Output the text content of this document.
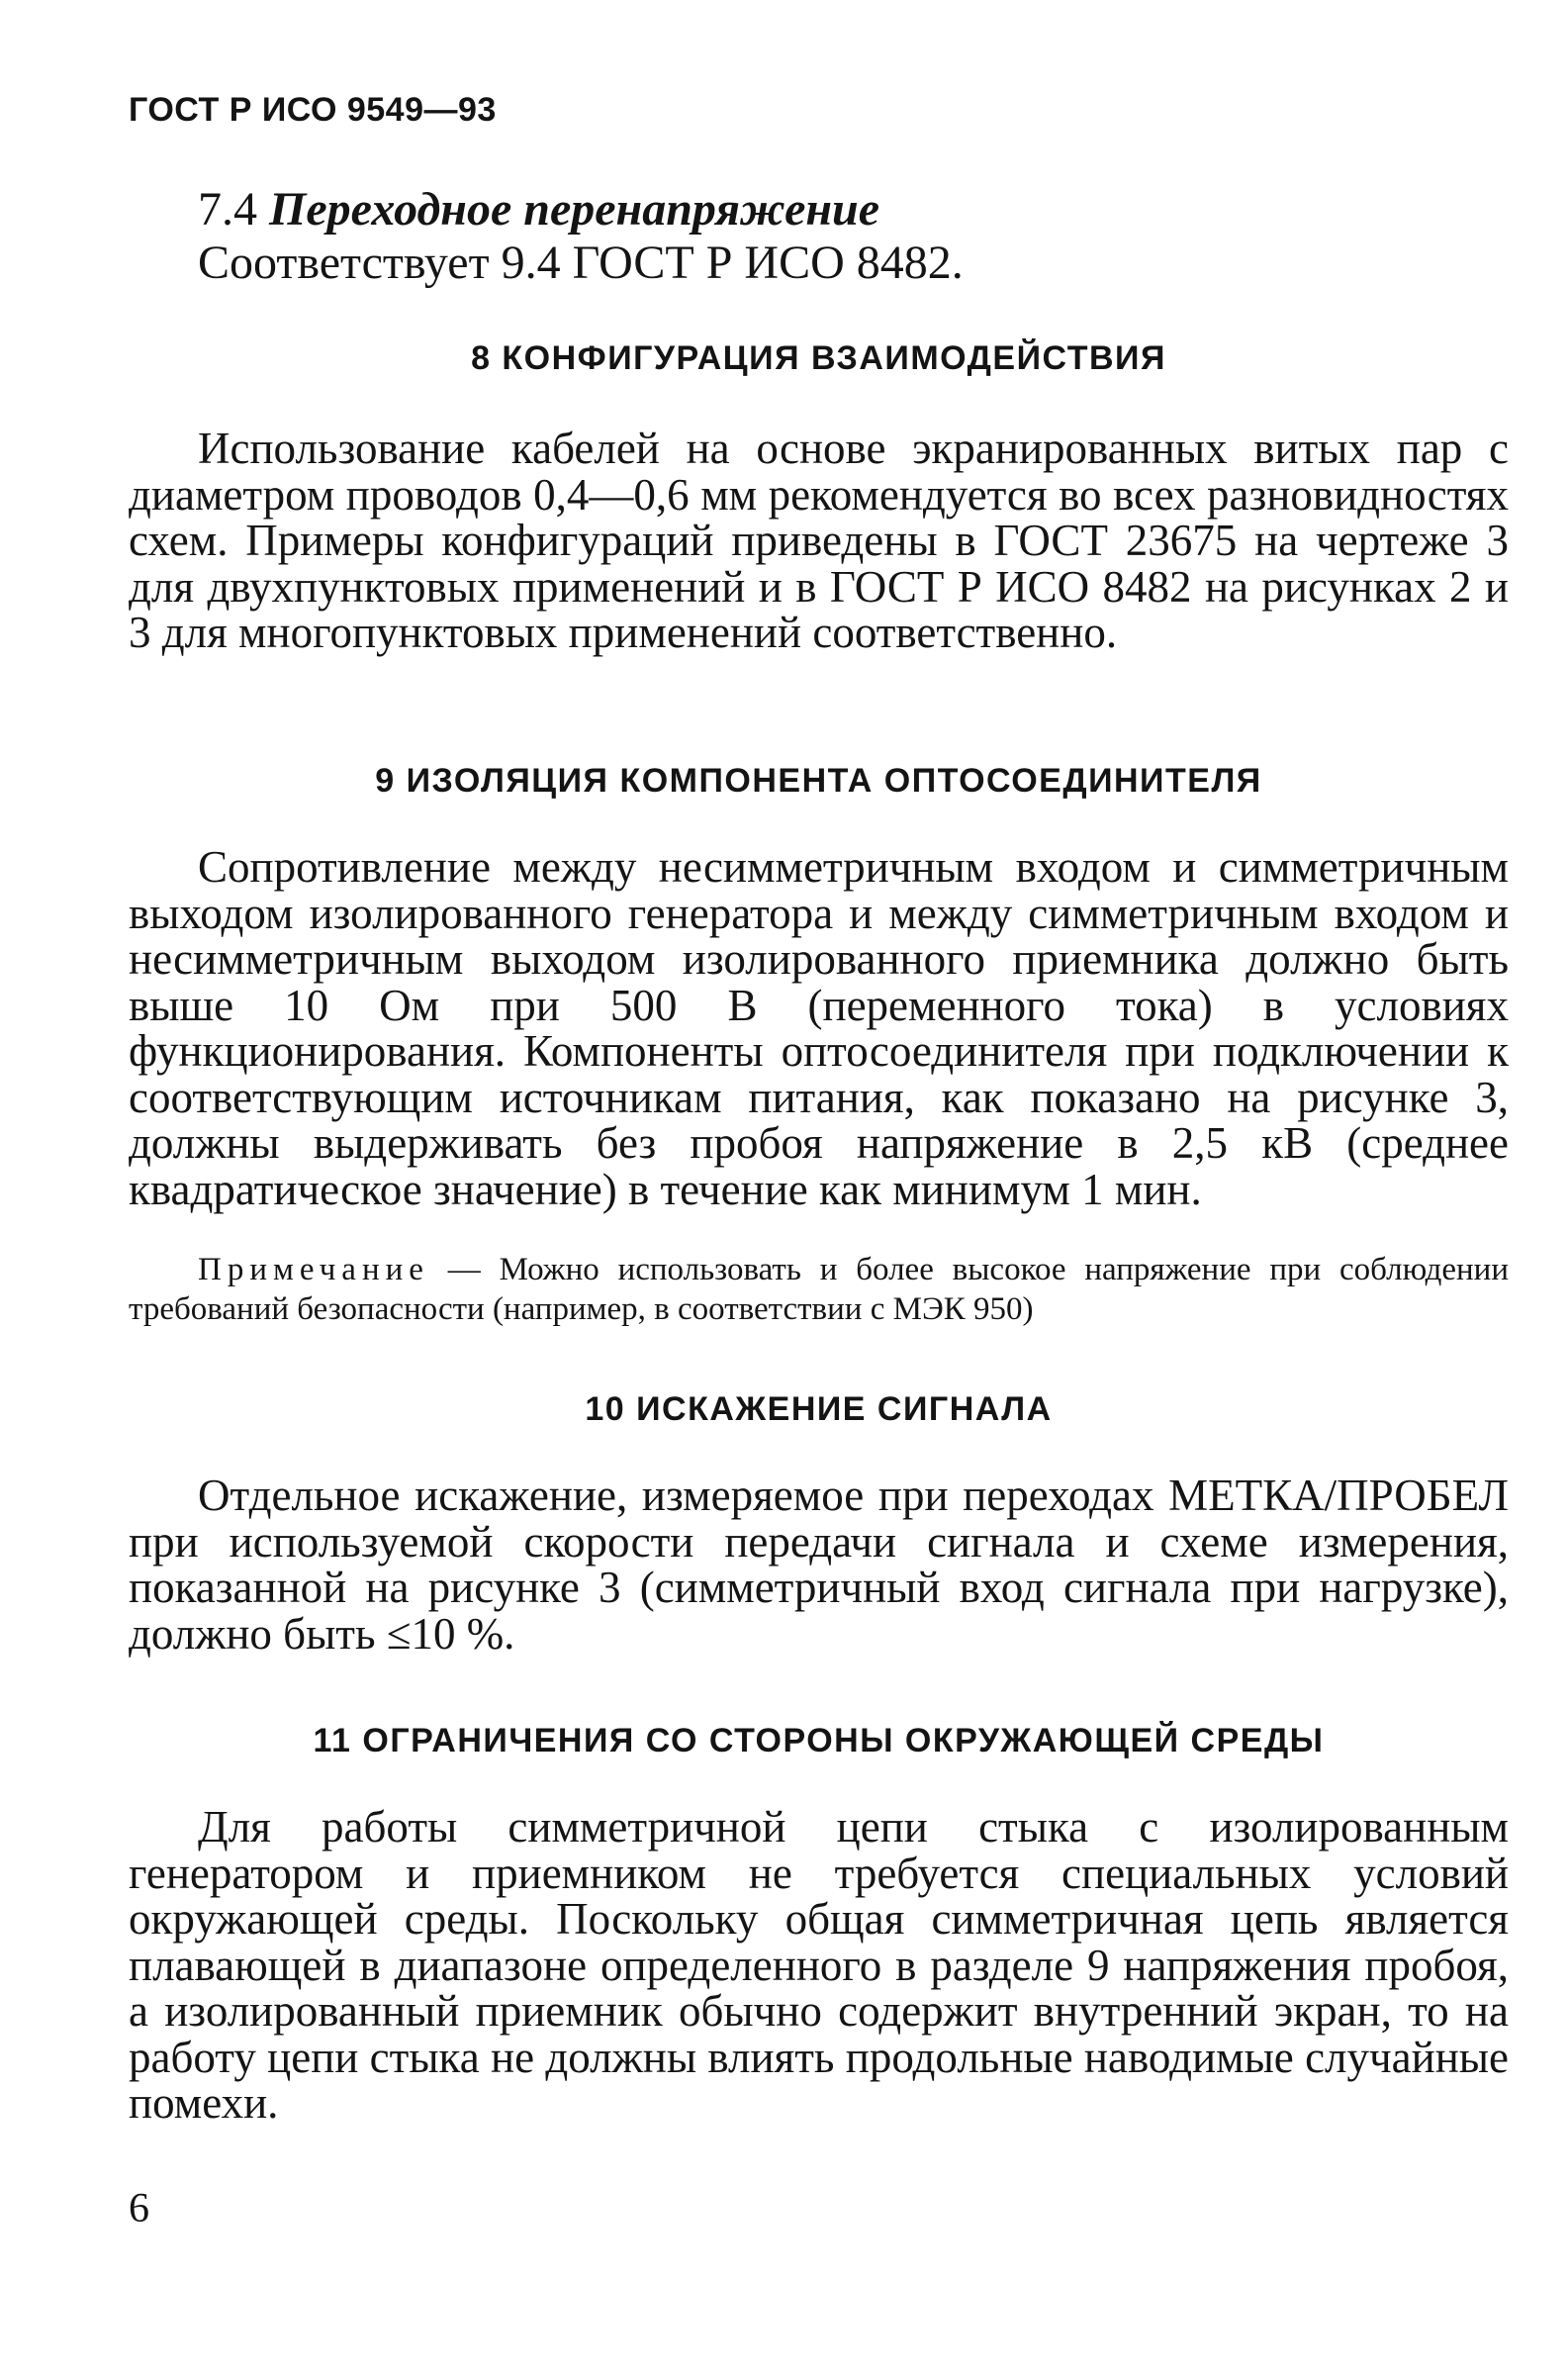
ГОСТ Р ИСО 9549—93
7.4 Переходное перенапряжение
Соответствует 9.4 ГОСТ Р ИСО 8482.
8 КОНФИГУРАЦИЯ ВЗАИМОДЕЙСТВИЯ
Использование кабелей на основе экранированных витых пар с диаметром проводов 0,4—0,6 мм рекомендуется во всех разновидностях схем. Примеры конфигураций приведены в ГОСТ 23675 на чертеже 3 для двухпунктовых применений и в ГОСТ Р ИСО 8482 на рисунках 2 и 3 для многопунктовых применений соответственно.
9 ИЗОЛЯЦИЯ КОМПОНЕНТА ОПТОСОЕДИНИТЕЛЯ
Сопротивление между несимметричным входом и симметричным выходом изолированного генератора и между симметричным входом и несимметричным выходом изолированного приемника должно быть выше 10 Ом при 500 В (переменного тока) в условиях функционирования. Компоненты оптосоединителя при подключении к соответствующим источникам питания, как показано на рисунке 3, должны выдерживать без пробоя напряжение в 2,5 кВ (среднее квадратическое значение) в течение как минимум 1 мин.
Примечание — Можно использовать и более высокое напряжение при соблюдении требований безопасности (например, в соответствии с МЭК 950)
10 ИСКАЖЕНИЕ СИГНАЛА
Отдельное искажение, измеряемое при переходах МЕТКА/ПРОБЕЛ при используемой скорости передачи сигнала и схеме измерения, показанной на рисунке 3 (симметричный вход сигнала при нагрузке), должно быть ≤10 %.
11 ОГРАНИЧЕНИЯ СО СТОРОНЫ ОКРУЖАЮЩЕЙ СРЕДЫ
Для работы симметричной цепи стыка с изолированным генератором и приемником не требуется специальных условий окружающей среды. Поскольку общая симметричная цепь является плавающей в диапазоне определенного в разделе 9 напряжения пробоя, а изолированный приемник обычно содержит внутренний экран, то на работу цепи стыка не должны влиять продольные наводимые случайные помехи.
6
